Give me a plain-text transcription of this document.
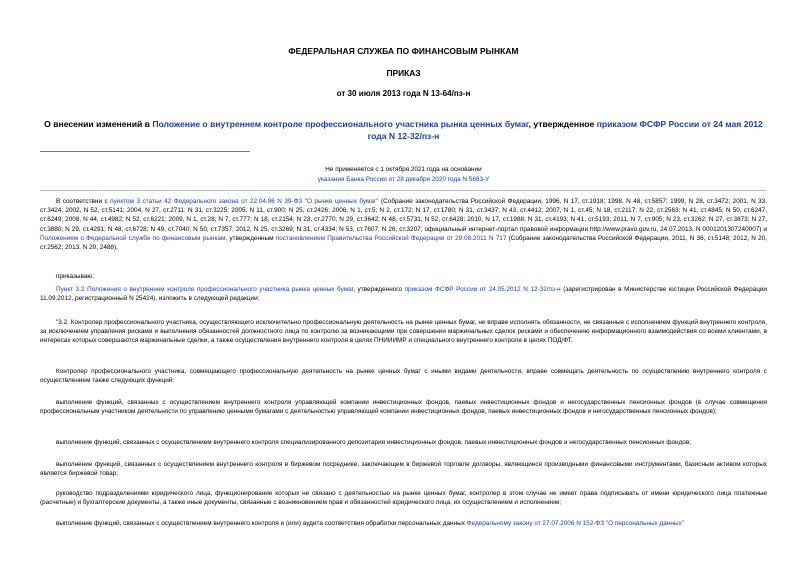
ФЕДЕРАЛЬНАЯ СЛУЖБА ПО ФИНАНСОВЫМ РЫНКАМ
ПРИКАЗ
от 30 июля 2013 года N 13-64/пз-н
О внесении изменений в Положение о внутреннем контроле профессионального участника рынка ценных бумаг, утвержденное приказом ФСФР России от 24 мая 2012 года N 12-32/пз-н
Не применяется с 1 октября 2021 года на основании
указания Банка России от 28 декабря 2020 года N 5683-У
В соответствии с пунктом 3 статьи 42 Федерального закона от 22.04.96 N 39-ФЗ "О рынке ценных бумаг" (Собрание законодательства Российской Федерации, 1996, N 17, ст.1918; 1998, N 48, ст.5857; 1999, N 28, ст.3472; 2001, N 33, ст.3424; 2002, N 52, ст.5141; 2004, N 27, ст.2711; N 31, ст.3225; 2005, N 11, ст.900; N 25, ст.2426; 2006, N 1, ст.5; N 2, ст.172; N 17, ст.1780; N 31, ст.3437; N 43, ст.4412; 2007, N 1, ст.45; N 18, ст.2117; N 22, ст.2563; N 41, ст.4845; N 50, ст.6247, ст.6249; 2008, N 44, ст.4982; N 52, ст.6221; 2009, N 1, ст.28; N 7, ст.777; N 18, ст.2154; N 23, ст.2770; N 29, ст.3642; N 48, ст.5731; N 52, ст.6428; 2010, N 17, ст.1988; N 31, ст.4193; N 41, ст.5193; 2011, N 7, ст.905; N 23, ст.3262; N 27, ст.3873; N 27, ст.3880; N 29, ст.4291; N 48, ст.6728; N 49, ст.7040; N 50, ст.7357; 2012, N 25, ст.3269; N 31, ст.4334; N 53, ст.7607; N 26, ст.3207; официальный интернет-портал правовой информации http://www.pravo.gov.ru, 24.07.2013, N 0001201307240007) и Положением о Федеральной службе по финансовым рынкам, утвержденным постановлением Правительства Российской Федерации от 29.08.2011 N 717 (Собрание законодательства Российской Федерации, 2011, N 36, ст.5148; 2012, N 20, ст.2562; 2013, N 20, 2488),
приказываю:
Пункт 3.2 Положения о внутреннем контроле профессионального участника рынка ценных бумаг, утвержденного приказом ФСФР России от 24.05.2012 N 12-32/пз-н (зарегистрирован в Министерстве юстиции Российской Федерации 11.09.2012, регистрационный N 25424), изложить в следующей редакции:
"3.2. Контролер профессионального участника, осуществляющего исключительно профессиональную деятельность на рынке ценных бумаг, не вправе исполнять обязанности, не связанные с исполнением функций внутреннего контроля, за исключением управления рисками и выполнения обязанностей должностного лица по контролю за возникающими при совершении маржинальных сделок рисками и обеспечению информационного взаимодействия со всеми клиентами, в интересах которых совершаются маржинальные сделки, а также осуществления внутреннего контроля в целях ПНИИИМР и специального внутреннего контроля в целях ПОД/ФТ.
Контролер профессионального участника, совмещающего профессиональную деятельность на рынке ценных бумаг с иными видами деятельности, вправе совмещать деятельность по осуществлению внутреннего контроля с осуществлением также следующих функций:
выполнение функций, связанных с осуществлением внутреннего контроля управляющей компании инвестиционных фондов, паевых инвестиционных фондов и негосударственных пенсионных фондов (в случае совмещения профессиональным участником деятельности по управлению ценными бумагами с деятельностью управляющей компании инвестиционных фондов, паевых инвестиционных фондов и негосударственных пенсионных фондов);
выполнение функций, связанных с осуществлением внутреннего контроля специализированного депозитария инвестиционных фондов, паевых инвестиционных фондов и негосударственных пенсионных фондов;
выполнение функций, связанных с осуществлением внутреннего контроля в биржевом посреднике, заключающем в биржевой торговле договоры, являющиеся производными финансовыми инструментами, базисным активом которых является биржевой товар;
руководство подразделениями юридического лица, функционирование которых не связано с деятельностью на рынке ценных бумаг, контролер в этом случае не имеет права подписывать от имени юридического лица платежные (расчетные) и бухгалтерские документы, а также иные документы, связанные с возникновением прав и обязанностей юридического лица, их осуществлением и исполнением;
выполнение функций, связанных с осуществлением внутреннего контроля и (или) аудита соответствия обработки персональных данных Федеральному закону от 27.07.2006 N 152-ФЗ "О персональных данных"
